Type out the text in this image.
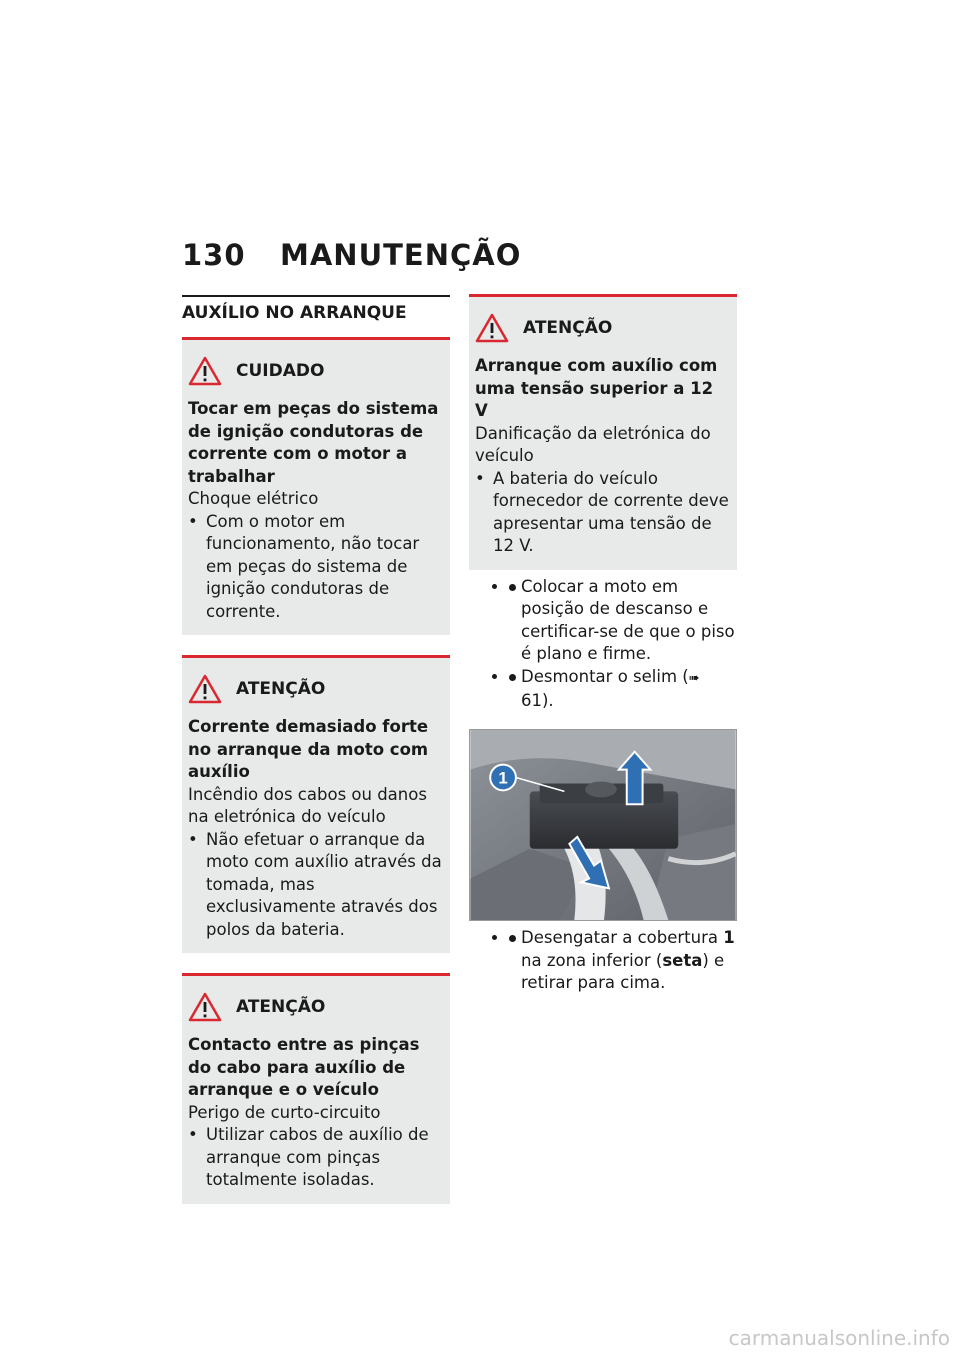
130 MANUTENÇÃO
AUXÍLIO NO ARRANQUE
CUIDADO
Tocar em peças do sistema de ignição condutoras de corrente com o motor a trabalhar
Choque elétrico
• Com o motor em funcionamento, não tocar em peças do sistema de ignição condutoras de corrente.
ATENÇÃO
Corrente demasiado forte no arranque da moto com auxílio
Incêndio dos cabos ou danos na eletrónica do veículo
• Não efetuar o arranque da moto com auxílio através da tomada, mas exclusivamente através dos polos da bateria.
ATENÇÃO
Contacto entre as pinças do cabo para auxílio de arranque e o veículo
Perigo de curto-circuito
• Utilizar cabos de auxílio de arranque com pinças totalmente isoladas.
ATENÇÃO
Arranque com auxílio com uma tensão superior a 12 V
Danificação da eletrónica do veículo
• A bateria do veículo fornecedor de corrente deve apresentar uma tensão de 12 V.
• Colocar a moto em posição de descanso e certificar-se de que o piso é plano e firme.
• Desmontar o selim (➠ 61).
1
• Desengatar a cobertura 1 na zona inferior (seta) e retirar para cima.
carmanualsonline.info
